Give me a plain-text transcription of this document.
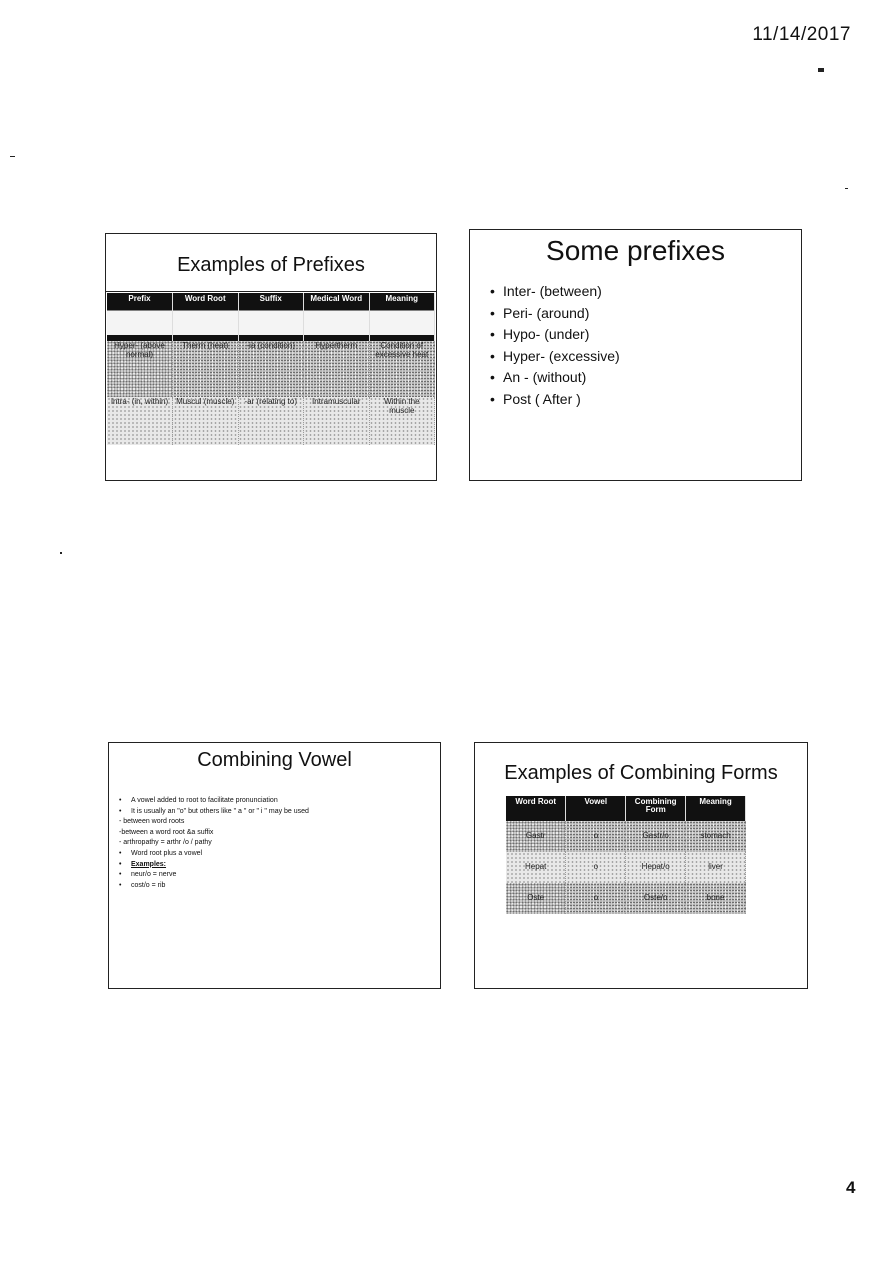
11/14/2017
Examples of Prefixes
Prefix	Word Root	Suffix	Medical Word	Meaning

Hyper- (above normal)	Therm (heat)	-ia (condition)	Hypertherm	Condition of excessive heat
Intra- (in, within)	Muscul (muscle)	-ar (relating to)	Intramuscular	Within the muscle
Some prefixes
• Inter- (between)
• Peri- (around)
• Hypo- (under)
• Hyper- (excessive)
• An - (without)
• Post ( After )
Combining Vowel
• A vowel added to root to facilitate pronunciation
• It is usually an "o" but others like " a " or " i " may be used
- between word roots
-between a word root &a suffix
- arthropathy = arthr /o / pathy
• Word root plus a vowel
• Examples:
• neur/o = nerve
• cost/o = rib
Examples of Combining Forms
Word Root	Vowel	Combining Form	Meaning
Gastr	o	Gastr/o	stomach
Hepat	o	Hepat/o	liver
Oste	o	Oste/o	bone
4
